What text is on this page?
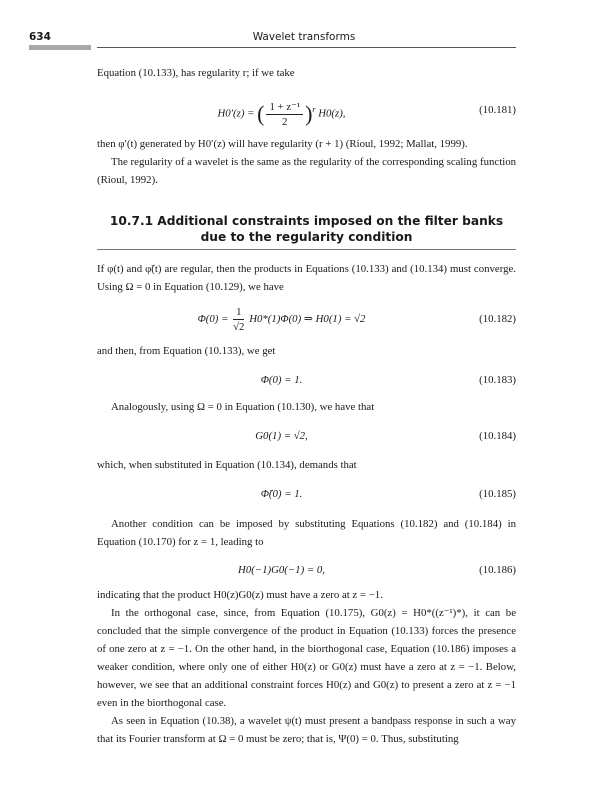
634	Wavelet transforms
Equation (10.133), has regularity r; if we take
H0′(z) = ( $\frac{\text{1 + z⁻¹}}{2} )^r$ H0(z),	(10.181)
then φ′(t) generated by H0′(z) will have regularity (r + 1) (Rioul, 1992; Mallat, 1999).
The regularity of a wavelet is the same as the regularity of the corresponding scaling function (Rioul, 1992).
10.7.1 Additional constraints imposed on the filter banks due to the regularity condition
If φ(t) and φ̃(t) are regular, then the products in Equations (10.133) and (10.134) must converge. Using Ω = 0 in Equation (10.129), we have
$\Phi(0) = \frac{1}{√2} H0*(1)\Phi(0)$ ⇒ H0(1) = √2	(10.182)
and then, from Equation (10.133), we get
Φ(0) = 1.	(10.183)
Analogously, using Ω = 0 in Equation (10.130), we have that
G0(1) = √2,	(10.184)
which, when substituted in Equation (10.134), demands that
Φ̃(0) = 1.	(10.185)
Another condition can be imposed by substituting Equations (10.182) and (10.184) in Equation (10.170) for z = 1, leading to
H0(−1)G0(−1) = 0,	(10.186)
indicating that the product H0(z)G0(z) must have a zero at z = −1.
In the orthogonal case, since, from Equation (10.175), G0(z) = H0*((z⁻¹)*), it can be concluded that the simple convergence of the product in Equation (10.133) forces the presence of one zero at z = −1. On the other hand, in the biorthogonal case, Equation (10.186) imposes a weaker condition, where only one of either H0(z) or G0(z) must have a zero at z = −1. Below, however, we see that an additional constraint forces H0(z) and G0(z) to present a zero at z = −1 even in the biorthogonal case.
As seen in Equation (10.38), a wavelet ψ(t) must present a bandpass response in such a way that its Fourier transform at Ω = 0 must be zero; that is, Ψ(0) = 0. Thus, substituting
